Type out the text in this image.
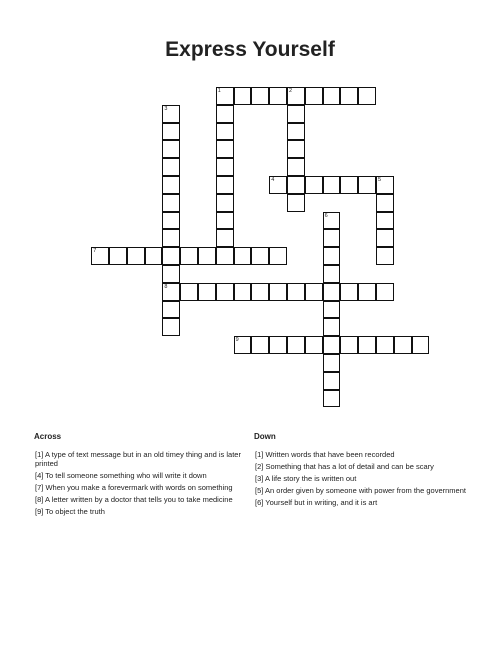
Express Yourself
1	2
3
4	5
6
7
8
9
Across
[1] A type of text message but in an old timey thing and is later printed
[4] To tell someone something who will write it down
[7] When you make a forevermark with words on something
[8] A letter written by a doctor that tells you to take medicine
[9] To object the truth
Down
[1] Written words that have been recorded
[2] Something that has a lot of detail and can be scary
[3] A life story the is written out
[5] An order given by someone with power from the government
[6] Yourself but in writing, and it is art
